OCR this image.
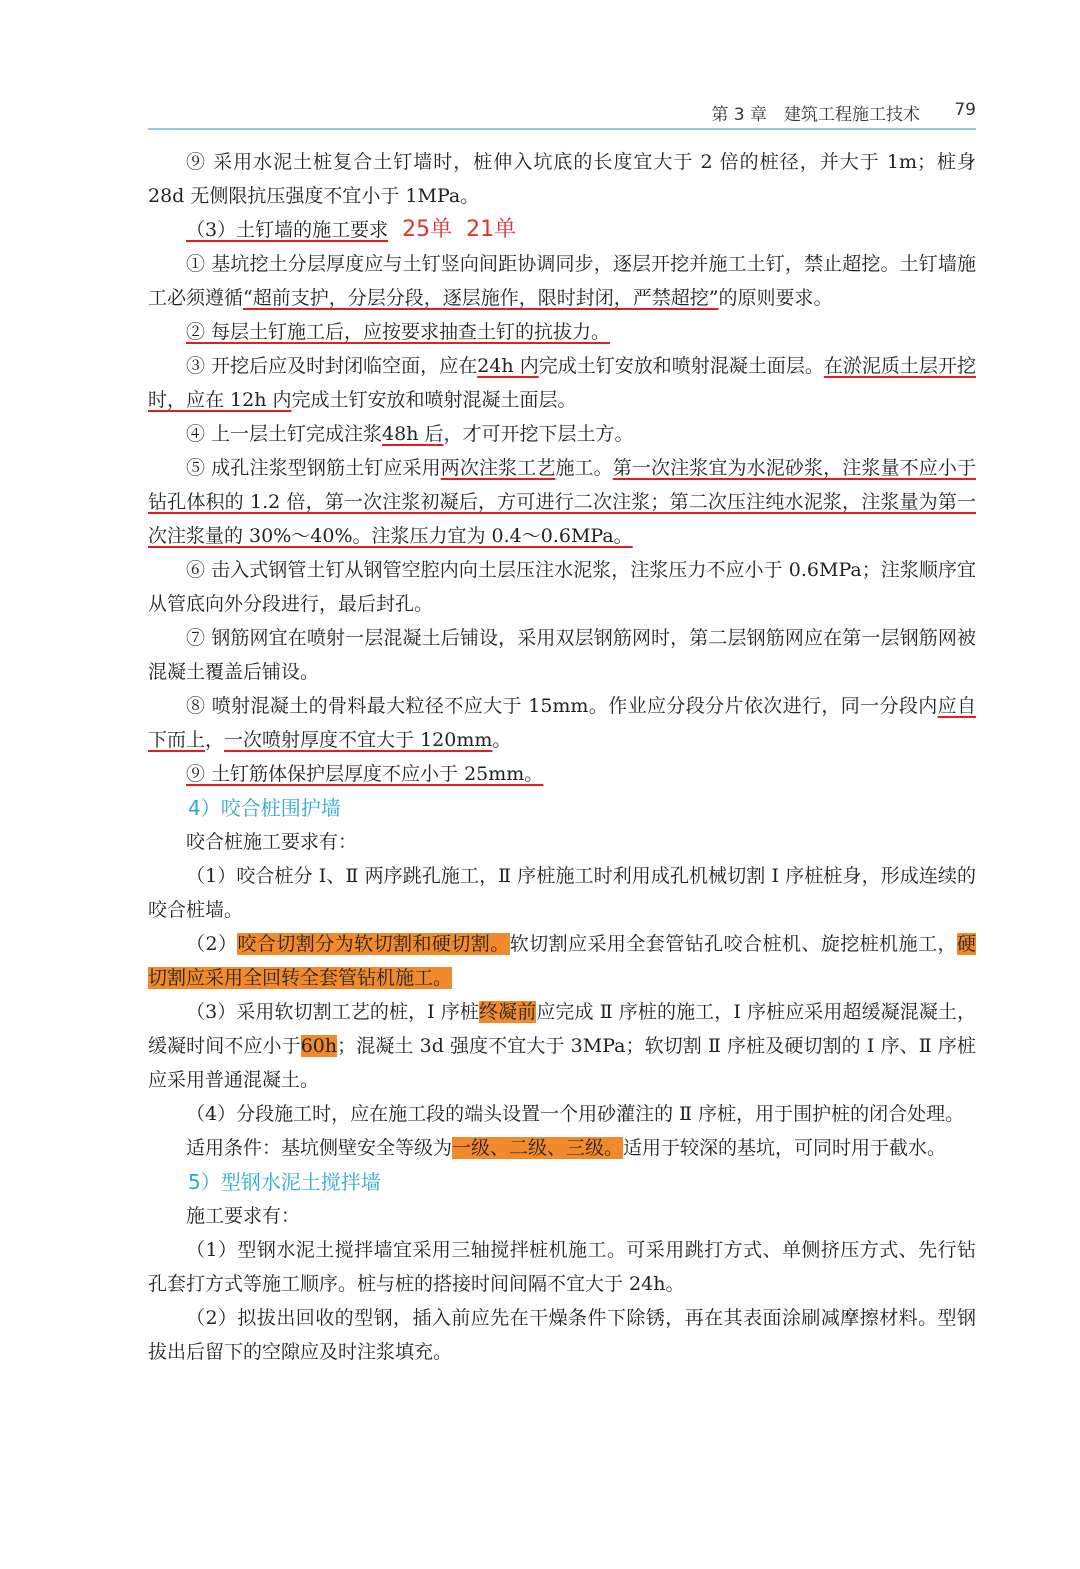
第 3 章　建筑工程施工技术 79

⑨ 采用水泥土桩复合土钉墙时，桩伸入坑底的长度宜大于 2 倍的桩径，并大于 1m；桩身 28d 无侧限抗压强度不宜小于 1MPa。

（3）土钉墙的施工要求 25单 21单

① 基坑挖土分层厚度应与土钉竖向间距协调同步，逐层开挖并施工土钉，禁止超挖。土钉墙施工必须遵循“超前支护，分层分段，逐层施作，限时封闭，严禁超挖”的原则要求。

② 每层土钉施工后，应按要求抽查土钉的抗拔力。

③ 开挖后应及时封闭临空面，应在24h 内完成土钉安放和喷射混凝土面层。在淤泥质土层开挖时，应在 12h 内完成土钉安放和喷射混凝土面层。

④ 上一层土钉完成注浆48h 后，才可开挖下层土方。

⑤ 成孔注浆型钢筋土钉应采用两次注浆工艺施工。第一次注浆宜为水泥砂浆，注浆量不应小于钻孔体积的 1.2 倍，第一次注浆初凝后，方可进行二次注浆；第二次压注纯水泥浆，注浆量为第一次注浆量的 30%～40%。注浆压力宜为 0.4～0.6MPa。

⑥ 击入式钢管土钉从钢管空腔内向土层压注水泥浆，注浆压力不应小于 0.6MPa；注浆顺序宜从管底向外分段进行，最后封孔。

⑦ 钢筋网宜在喷射一层混凝土后铺设，采用双层钢筋网时，第二层钢筋网应在第一层钢筋网被混凝土覆盖后铺设。

⑧ 喷射混凝土的骨料最大粒径不应大于 15mm。作业应分段分片依次进行，同一分段内应自下而上，一次喷射厚度不宜大于 120mm。

⑨ 土钉筋体保护层厚度不应小于 25mm。

4）咬合桩围护墙

咬合桩施工要求有：

（1）咬合桩分 Ⅰ、Ⅱ 两序跳孔施工，Ⅱ 序桩施工时利用成孔机械切割 Ⅰ 序桩桩身，形成连续的咬合桩墙。

（2）咬合切割分为软切割和硬切割。软切割应采用全套管钻孔咬合桩机、旋挖桩机施工，硬切割应采用全回转全套管钻机施工。

（3）采用软切割工艺的桩，Ⅰ 序桩终凝前应完成 Ⅱ 序桩的施工，Ⅰ 序桩应采用超缓凝混凝土，缓凝时间不应小于60h；混凝土 3d 强度不宜大于 3MPa；软切割 Ⅱ 序桩及硬切割的 Ⅰ 序、Ⅱ 序桩应采用普通混凝土。

（4）分段施工时，应在施工段的端头设置一个用砂灌注的 Ⅱ 序桩，用于围护桩的闭合处理。

适用条件：基坑侧壁安全等级为一级、二级、三级。适用于较深的基坑，可同时用于截水。

5）型钢水泥土搅拌墙

施工要求有：

（1）型钢水泥土搅拌墙宜采用三轴搅拌桩机施工。可采用跳打方式、单侧挤压方式、先行钻孔套打方式等施工顺序。桩与桩的搭接时间间隔不宜大于 24h。

（2）拟拔出回收的型钢，插入前应先在干燥条件下除锈，再在其表面涂刷减摩擦材料。型钢拔出后留下的空隙应及时注浆填充。
